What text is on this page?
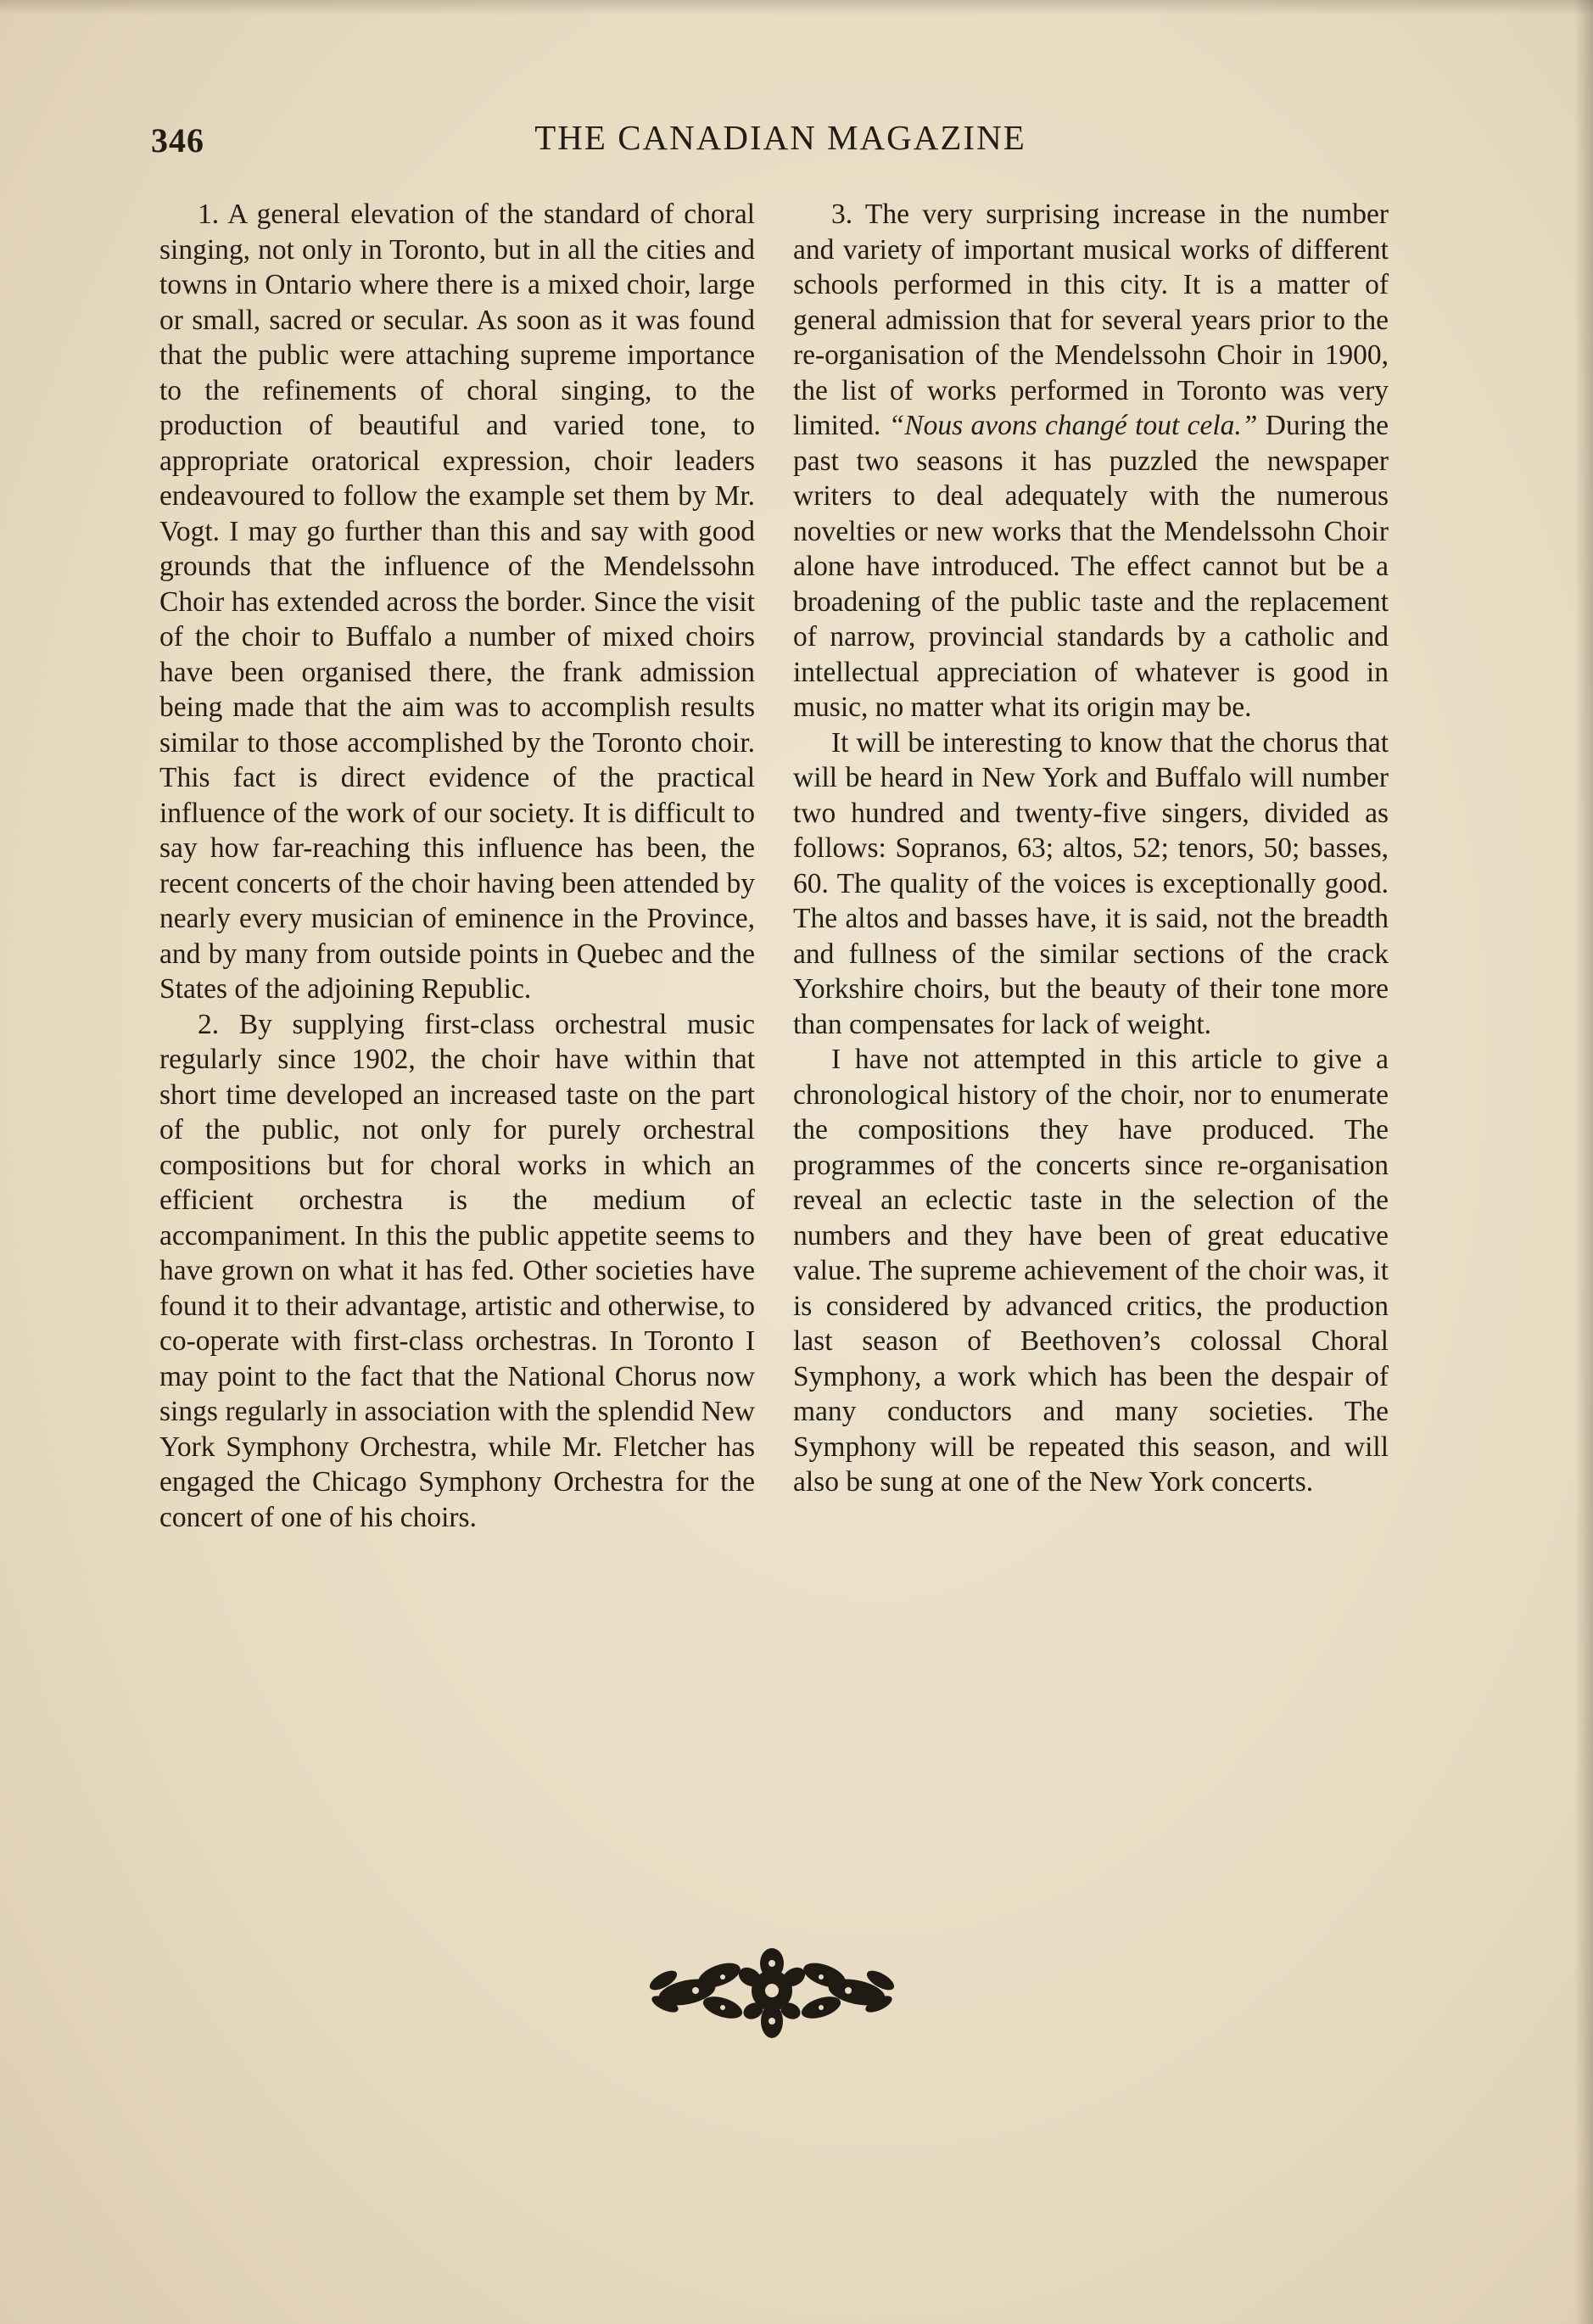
346	THE CANADIAN MAGAZINE

1. A general elevation of the standard of choral singing, not only in Toronto, but in all the cities and towns in Ontario where there is a mixed choir, large or small, sacred or secular. As soon as it was found that the public were attaching supreme importance to the refinements of choral singing, to the production of beautiful and varied tone, to appropriate oratorical expression, choir leaders endeavoured to follow the example set them by Mr. Vogt. I may go further than this and say with good grounds that the influence of the Mendelssohn Choir has extended across the border. Since the visit of the choir to Buffalo a number of mixed choirs have been organised there, the frank admission being made that the aim was to accomplish results similar to those accomplished by the Toronto choir. This fact is direct evidence of the practical influence of the work of our society. It is difficult to say how far-reaching this influence has been, the recent concerts of the choir having been attended by nearly every musician of eminence in the Province, and by many from outside points in Quebec and the States of the adjoining Republic.

2. By supplying first-class orchestral music regularly since 1902, the choir have within that short time developed an increased taste on the part of the public, not only for purely orchestral compositions but for choral works in which an efficient orchestra is the medium of accompaniment. In this the public appetite seems to have grown on what it has fed. Other societies have found it to their advantage, artistic and otherwise, to co-operate with first-class orchestras. In Toronto I may point to the fact that the National Chorus now sings regularly in association with the splendid New York Symphony Orchestra, while Mr. Fletcher has engaged the Chicago Symphony Orchestra for the concert of one of his choirs.

3. The very surprising increase in the number and variety of important musical works of different schools performed in this city. It is a matter of general admission that for several years prior to the re-organisation of the Mendelssohn Choir in 1900, the list of works performed in Toronto was very limited. “Nous avons changé tout cela.” During the past two seasons it has puzzled the newspaper writers to deal adequately with the numerous novelties or new works that the Mendelssohn Choir alone have introduced. The effect cannot but be a broadening of the public taste and the replacement of narrow, provincial standards by a catholic and intellectual appreciation of whatever is good in music, no matter what its origin may be.

It will be interesting to know that the chorus that will be heard in New York and Buffalo will number two hundred and twenty-five singers, divided as follows: Sopranos, 63; altos, 52; tenors, 50; basses, 60. The quality of the voices is exceptionally good. The altos and basses have, it is said, not the breadth and fullness of the similar sections of the crack Yorkshire choirs, but the beauty of their tone more than compensates for lack of weight.

I have not attempted in this article to give a chronological history of the choir, nor to enumerate the compositions they have produced. The programmes of the concerts since re-organisation reveal an eclectic taste in the selection of the numbers and they have been of great educative value. The supreme achievement of the choir was, it is considered by advanced critics, the production last season of Beethoven’s colossal Choral Symphony, a work which has been the despair of many conductors and many societies. The Symphony will be repeated this season, and will also be sung at one of the New York concerts.
